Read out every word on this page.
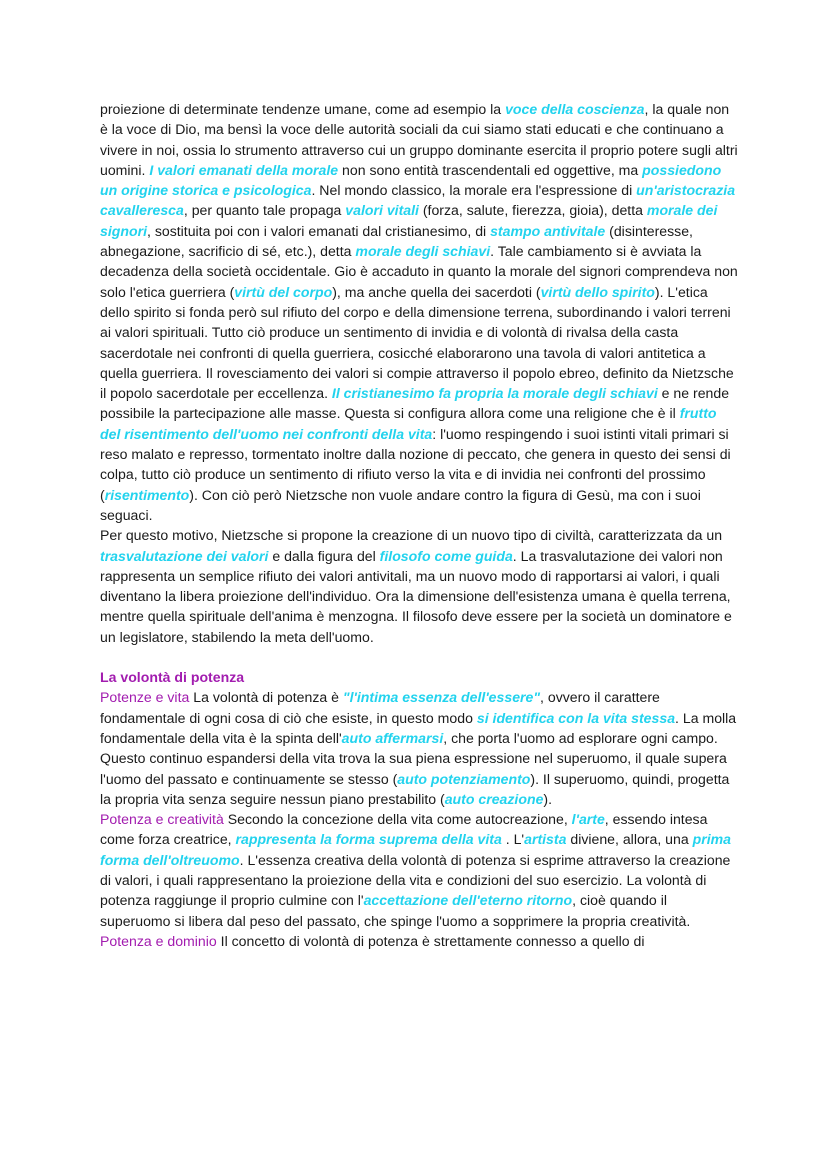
proiezione di determinate tendenze umane, come ad esempio la voce della coscienza, la quale non è la voce di Dio, ma bensì la voce delle autorità sociali da cui siamo stati educati e che continuano a vivere in noi, ossia lo strumento attraverso cui un gruppo dominante esercita il proprio potere sugli altri uomini. I valori emanati della morale non sono entità trascendentali ed oggettive, ma possiedono un origine storica e psicologica. Nel mondo classico, la morale era l'espressione di un'aristocrazia cavalleresca, per quanto tale propaga valori vitali (forza, salute, fierezza, gioia), detta morale dei signori, sostituita poi con i valori emanati dal cristianesimo, di stampo antivitale (disinteresse, abnegazione, sacrificio di sé, etc.), detta morale degli schiavi. Tale cambiamento si è avviata la decadenza della società occidentale. Gio è accaduto in quanto la morale del signori comprendeva non solo l'etica guerriera (virtù del corpo), ma anche quella dei sacerdoti (virtù dello spirito). L'etica dello spirito si fonda però sul rifiuto del corpo e della dimensione terrena, subordinando i valori terreni ai valori spirituali. Tutto ciò produce un sentimento di invidia e di volontà di rivalsa della casta sacerdotale nei confronti di quella guerriera, cosicché elaborarono una tavola di valori antitetica a quella guerriera. Il rovesciamento dei valori si compie attraverso il popolo ebreo, definito da Nietzsche il popolo sacerdotale per eccellenza. Il cristianesimo fa propria la morale degli schiavi e ne rende possibile la partecipazione alle masse. Questa si configura allora come una religione che è il frutto del risentimento dell'uomo nei confronti della vita: l'uomo respingendo i suoi istinti vitali primari si reso malato e represso, tormentato inoltre dalla nozione di peccato, che genera in questo dei sensi di colpa, tutto ciò produce un sentimento di rifiuto verso la vita e di invidia nei confronti del prossimo (risentimento). Con ciò però Nietzsche non vuole andare contro la figura di Gesù, ma con i suoi seguaci.

Per questo motivo, Nietzsche si propone la creazione di un nuovo tipo di civiltà, caratterizzata da un trasvalutazione dei valori e dalla figura del filosofo come guida. La trasvalutazione dei valori non rappresenta un semplice rifiuto dei valori antivitali, ma un nuovo modo di rapportarsi ai valori, i quali diventano la libera proiezione dell'individuo. Ora la dimensione dell'esistenza umana è quella terrena, mentre quella spirituale dell'anima è menzogna. Il filosofo deve essere per la società un dominatore e un legislatore, stabilendo la meta dell'uomo.

La volontà di potenza

Potenze e vita La volontà di potenza è "l'intima essenza dell'essere", ovvero il carattere fondamentale di ogni cosa di ciò che esiste, in questo modo si identifica con la vita stessa. La molla fondamentale della vita è la spinta dell'auto affermarsi, che porta l'uomo ad esplorare ogni campo. Questo continuo espandersi della vita trova la sua piena espressione nel superuomo, il quale supera l'uomo del passato e continuamente se stesso (auto potenziamento). Il superuomo, quindi, progetta la propria vita senza seguire nessun piano prestabilito (auto creazione).

Potenza e creatività Secondo la concezione della vita come autocreazione, l'arte, essendo intesa come forza creatrice, rappresenta la forma suprema della vita . L'artista diviene, allora, una prima forma dell'oltreuomo. L'essenza creativa della volontà di potenza si esprime attraverso la creazione di valori, i quali rappresentano la proiezione della vita e condizioni del suo esercizio. La volontà di potenza raggiunge il proprio culmine con l'accettazione dell'eterno ritorno, cioè quando il superuomo si libera dal peso del passato, che spinge l'uomo a sopprimere la propria creatività.

Potenza e dominio Il concetto di volontà di potenza è strettamente connesso a quello di
